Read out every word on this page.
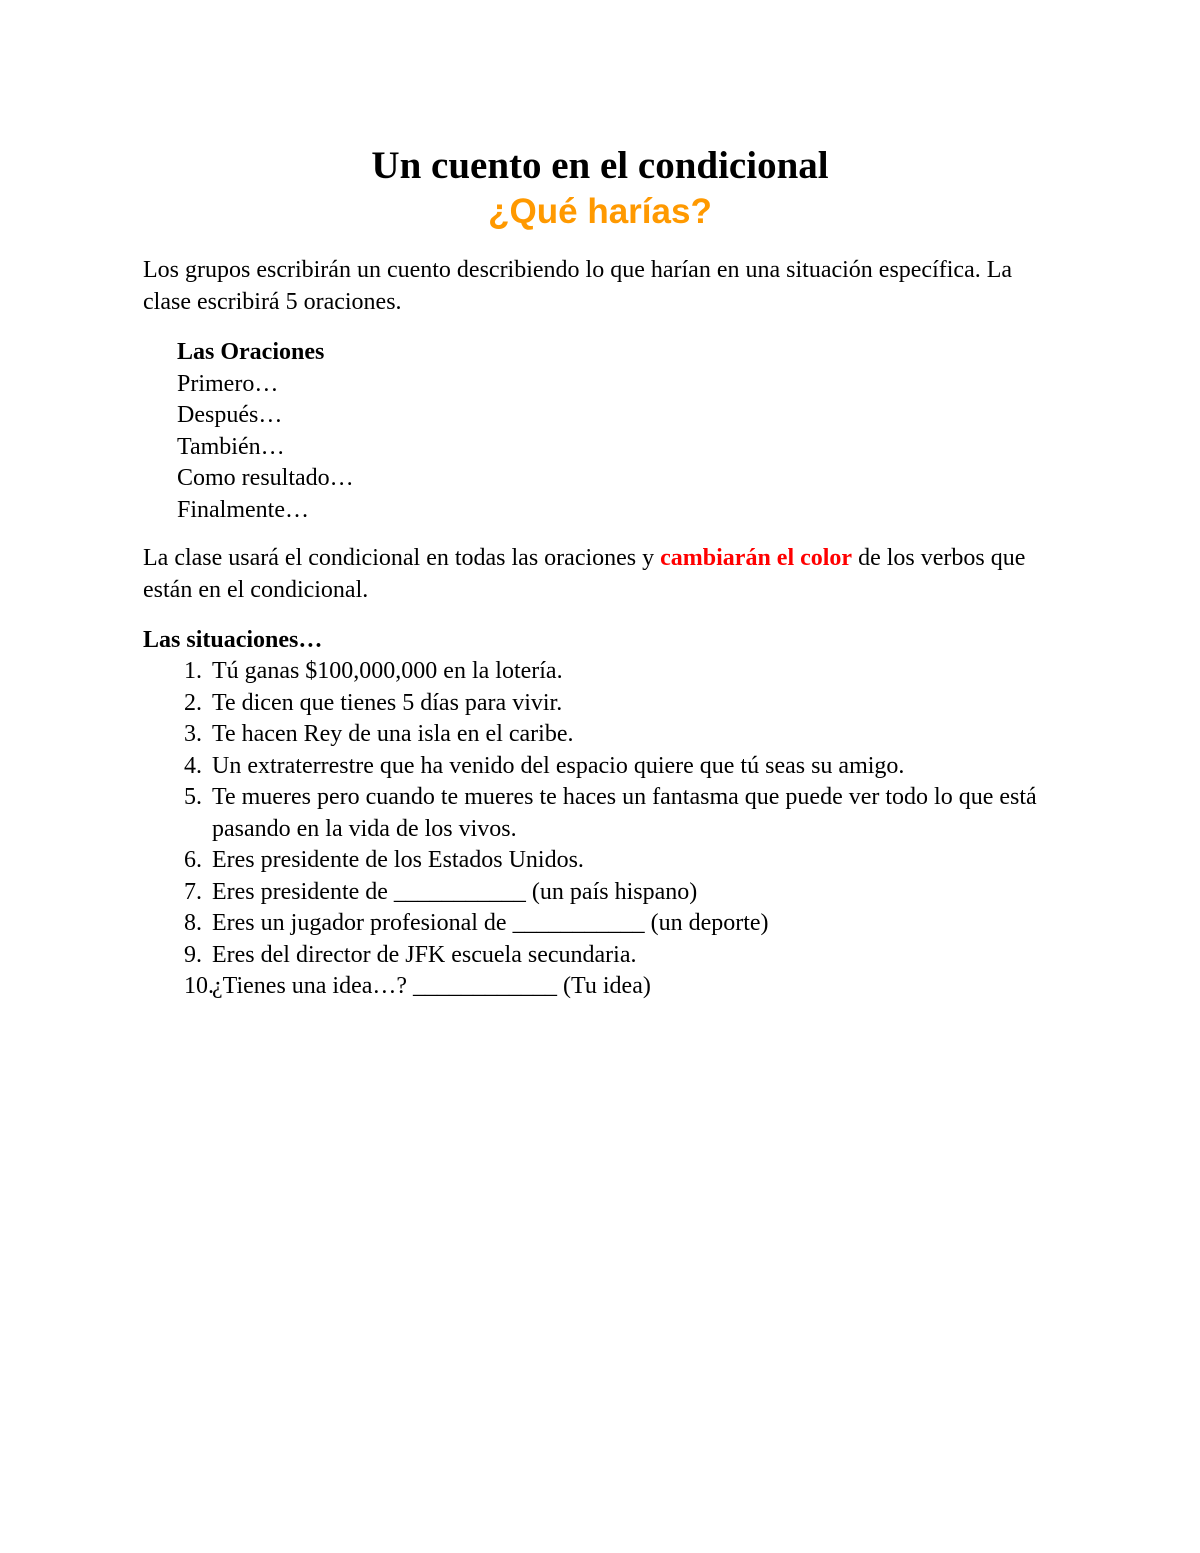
Un cuento en el condicional
¿Qué harías?

Los grupos escribirán un cuento describiendo lo que harían en una situación específica. La clase escribirá 5 oraciones.

Las Oraciones
Primero…
Después…
También…
Como resultado…
Finalmente…

La clase usará el condicional en todas las oraciones y cambiarán el color de los verbos que están en el condicional.

Las situaciones…

1. Tú ganas $100,000,000 en la lotería.
2. Te dicen que tienes 5 días para vivir.
3. Te hacen Rey de una isla en el caribe.
4. Un extraterrestre que ha venido del espacio quiere que tú seas su amigo.
5. Te mueres pero cuando te mueres te haces un fantasma que puede ver todo lo que está pasando en la vida de los vivos.
6. Eres presidente de los Estados Unidos.
7. Eres presidente de ___________ (un país hispano)
8. Eres un jugador profesional de ___________ (un deporte)
9. Eres del director de JFK escuela secundaria.
10.
¿Tienes una idea…? ____________ (Tu idea)
